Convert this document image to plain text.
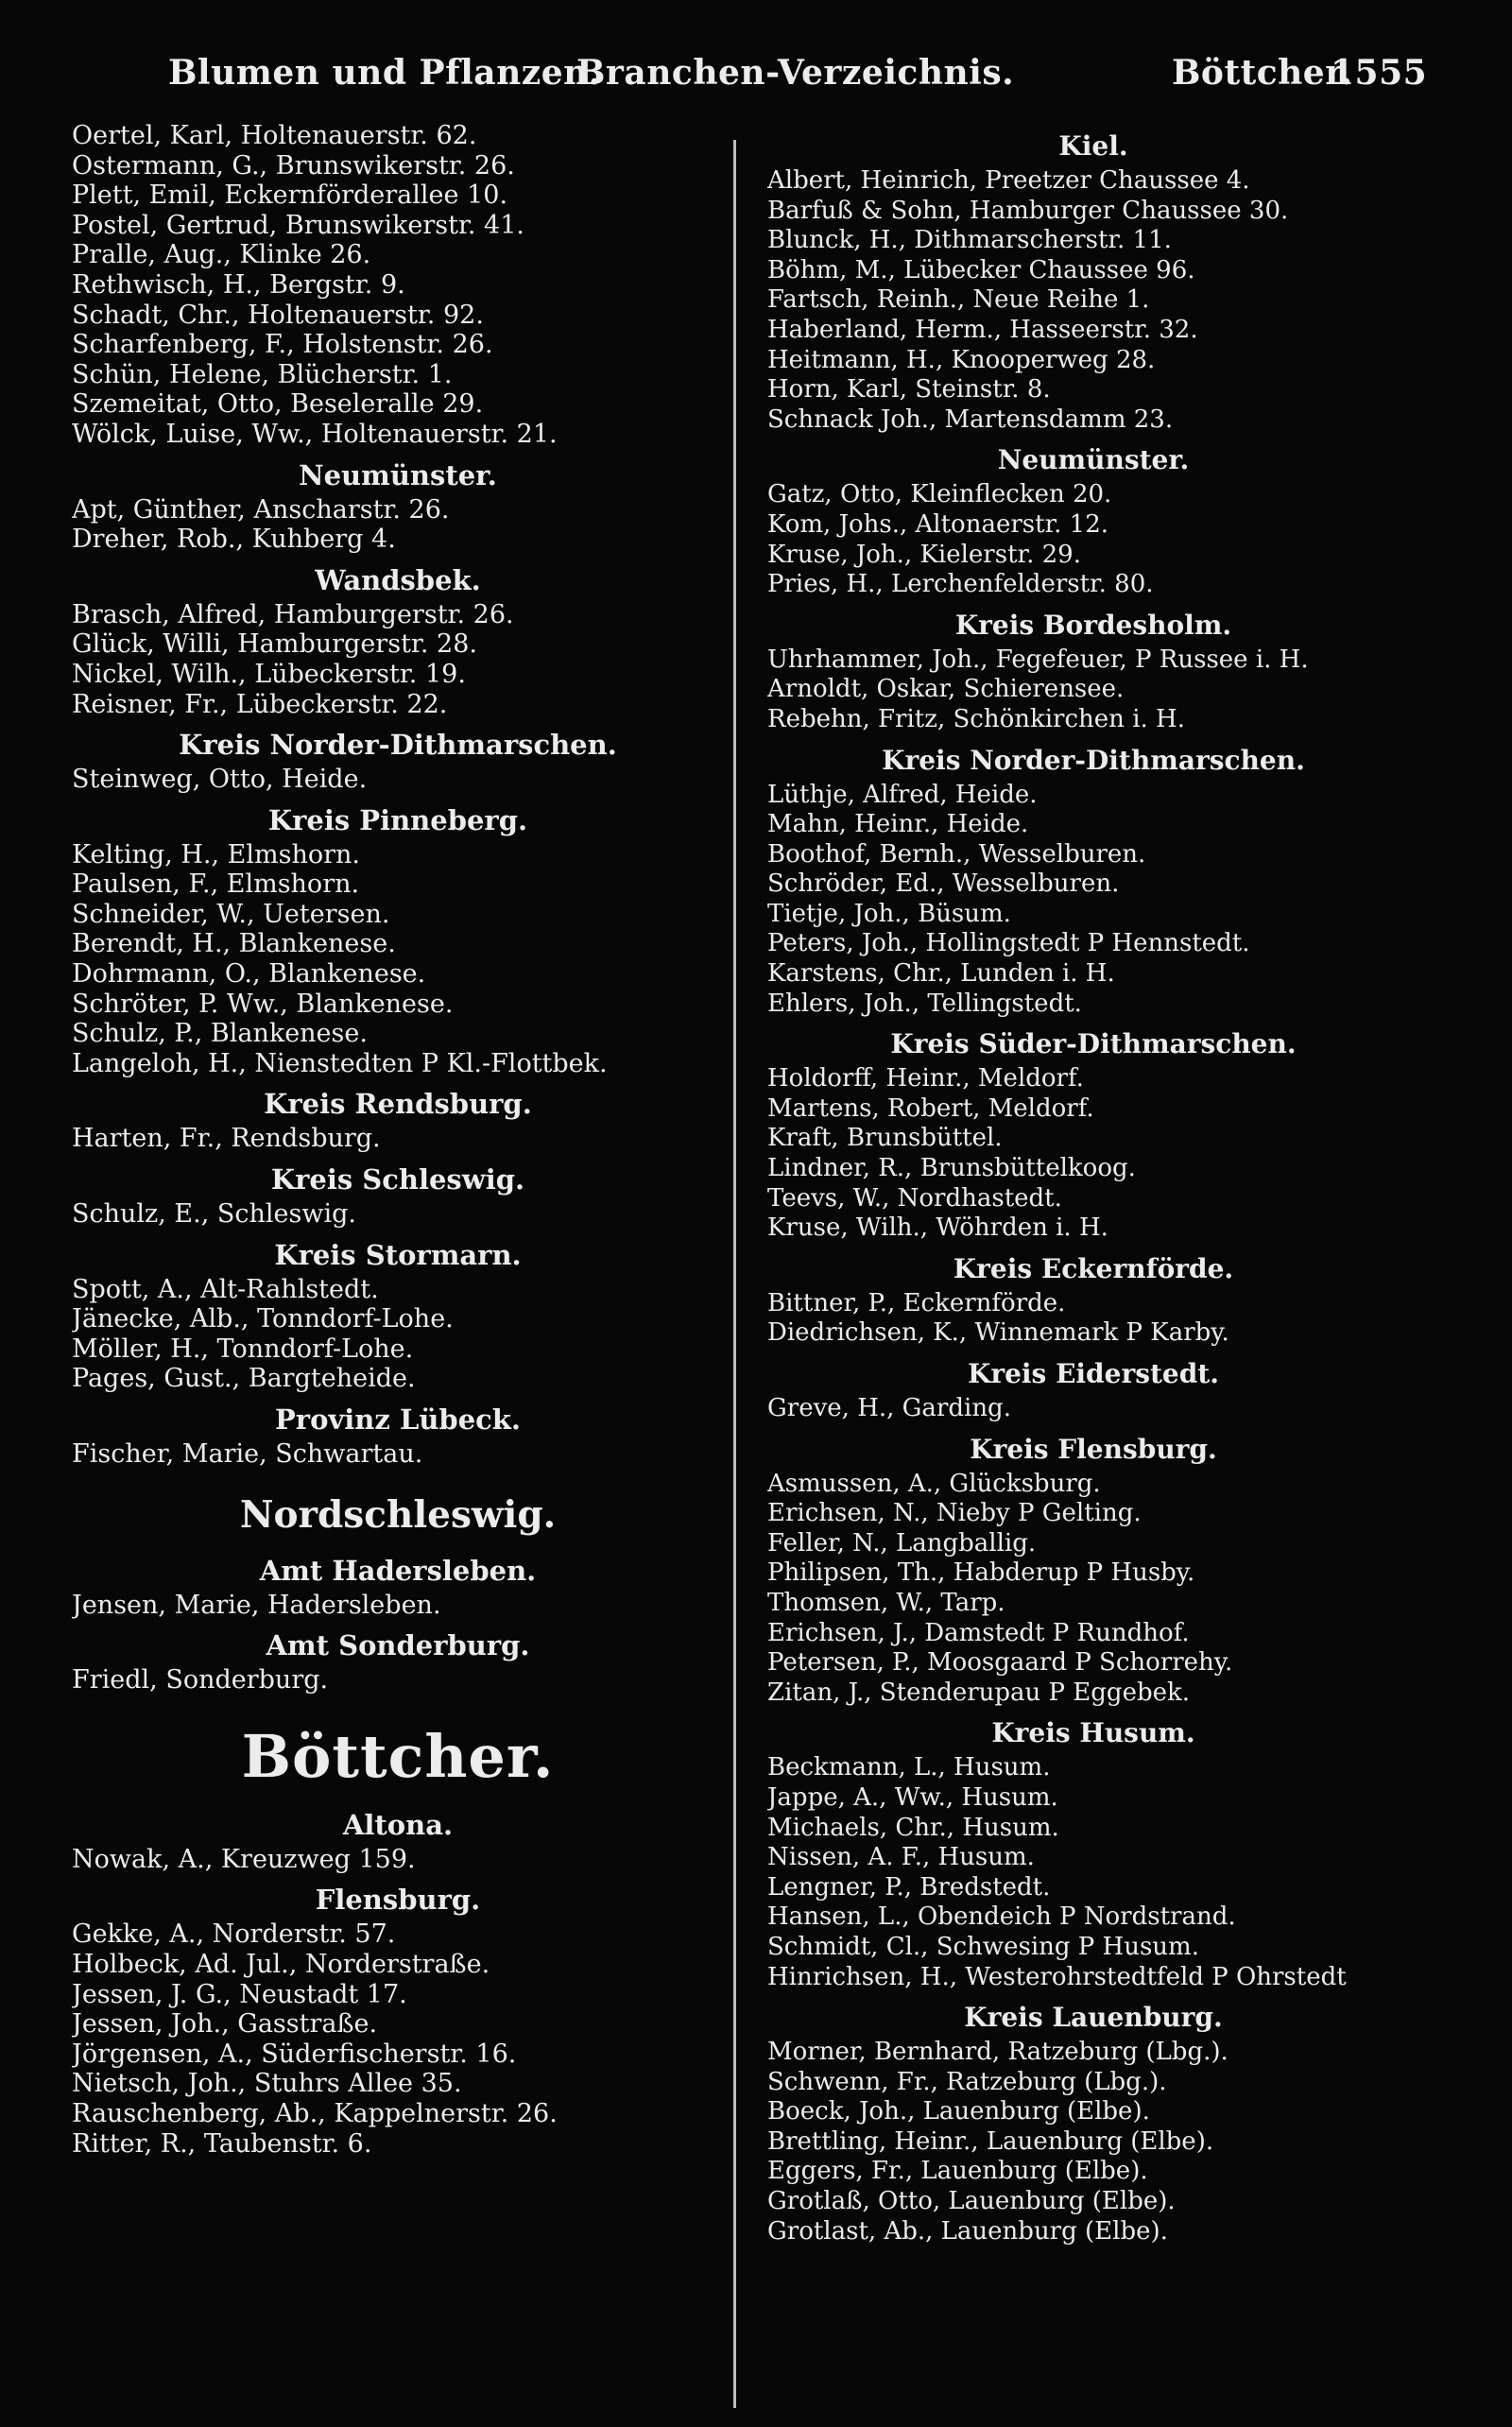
Blumen und Pflanzen.
Branchen-Verzeichnis.	Böttcher.
1555
Oertel, Karl, Holtenauerstr. 62.
Ostermann, G., Brunswikerstr. 26.
Plett, Emil, Eckernförderallee 10.
Postel, Gertrud, Brunswikerstr. 41.
Pralle, Aug., Klinke 26.
Rethwisch, H., Bergstr. 9.
Schadt, Chr., Holtenauerstr. 92.
Scharfenberg, F., Holstenstr. 26.
Schün, Helene, Blücherstr. 1.
Szemeitat, Otto, Beseleralle 29.
Wölck, Luise, Ww., Holtenauerstr. 21.
Neumünster.
Apt, Günther, Anscharstr. 26.
Dreher, Rob., Kuhberg 4.
Wandsbek.
Brasch, Alfred, Hamburgerstr. 26.
Glück, Willi, Hamburgerstr. 28.
Nickel, Wilh., Lübeckerstr. 19.
Reisner, Fr., Lübeckerstr. 22.
Kreis Norder-Dithmarschen.
Steinweg, Otto, Heide.
Kreis Pinneberg.
Kelting, H., Elmshorn.
Paulsen, F., Elmshorn.
Schneider, W., Uetersen.
Berendt, H., Blankenese.
Dohrmann, O., Blankenese.
Schröter, P. Ww., Blankenese.
Schulz, P., Blankenese.
Langeloh, H., Nienstedten P Kl.-Flottbek.
Kreis Rendsburg.
Harten, Fr., Rendsburg.
Kreis Schleswig.
Schulz, E., Schleswig.
Kreis Stormarn.
Spott, A., Alt-Rahlstedt.
Jänecke, Alb., Tonndorf-Lohe.
Möller, H., Tonndorf-Lohe.
Pages, Gust., Bargteheide.
Provinz Lübeck.
Fischer, Marie, Schwartau.
Nordschleswig.
Amt Hadersleben.
Jensen, Marie, Hadersleben.
Amt Sonderburg.
Friedl, Sonderburg.
Böttcher.
Altona.
Nowak, A., Kreuzweg 159.
Flensburg.
Gekke, A., Norderstr. 57.
Holbeck, Ad. Jul., Norderstraße.
Jessen, J. G., Neustadt 17.
Jessen, Joh., Gasstraße.
Jörgensen, A., Süderfischerstr. 16.
Nietsch, Joh., Stuhrs Allee 35.
Rauschenberg, Ab., Kappelnerstr. 26.
Ritter, R., Taubenstr. 6.
Kiel.
Albert, Heinrich, Preetzer Chaussee 4.
Barfuß & Sohn, Hamburger Chaussee 30.
Blunck, H., Dithmarscherstr. 11.
Böhm, M., Lübecker Chaussee 96.
Fartsch, Reinh., Neue Reihe 1.
Haberland, Herm., Hasseerstr. 32.
Heitmann, H., Knooperweg 28.
Horn, Karl, Steinstr. 8.
Schnack Joh., Martensdamm 23.
Neumünster.
Gatz, Otto, Kleinflecken 20.
Kom, Johs., Altonaerstr. 12.
Kruse, Joh., Kielerstr. 29.
Pries, H., Lerchenfelderstr. 80.
Kreis Bordesholm.
Uhrhammer, Joh., Fegefeuer, P Russee i. H.
Arnoldt, Oskar, Schierensee.
Rebehn, Fritz, Schönkirchen i. H.
Kreis Norder-Dithmarschen.
Lüthje, Alfred, Heide.
Mahn, Heinr., Heide.
Boothof, Bernh., Wesselburen.
Schröder, Ed., Wesselburen.
Tietje, Joh., Büsum.
Peters, Joh., Hollingstedt P Hennstedt.
Karstens, Chr., Lunden i. H.
Ehlers, Joh., Tellingstedt.
Kreis Süder-Dithmarschen.
Holdorff, Heinr., Meldorf.
Martens, Robert, Meldorf.
Kraft, Brunsbüttel.
Lindner, R., Brunsbüttelkoog.
Teevs, W., Nordhastedt.
Kruse, Wilh., Wöhrden i. H.
Kreis Eckernförde.
Bittner, P., Eckernförde.
Diedrichsen, K., Winnemark P Karby.
Kreis Eiderstedt.
Greve, H., Garding.
Kreis Flensburg.
Asmussen, A., Glücksburg.
Erichsen, N., Nieby P Gelting.
Feller, N., Langballig.
Philipsen, Th., Habderup P Husby.
Thomsen, W., Tarp.
Erichsen, J., Damstedt P Rundhof.
Petersen, P., Moosgaard P Schorrehy.
Zitan, J., Stenderupau P Eggebek.
Kreis Husum.
Beckmann, L., Husum.
Jappe, A., Ww., Husum.
Michaels, Chr., Husum.
Nissen, A. F., Husum.
Lengner, P., Bredstedt.
Hansen, L., Obendeich P Nordstrand.
Schmidt, Cl., Schwesing P Husum.
Hinrichsen, H., Westerohrstedtfeld P Ohrstedt
Kreis Lauenburg.
Morner, Bernhard, Ratzeburg (Lbg.).
Schwenn, Fr., Ratzeburg (Lbg.).
Boeck, Joh., Lauenburg (Elbe).
Brettling, Heinr., Lauenburg (Elbe).
Eggers, Fr., Lauenburg (Elbe).
Grotlaß, Otto, Lauenburg (Elbe).
Grotlast, Ab., Lauenburg (Elbe).
